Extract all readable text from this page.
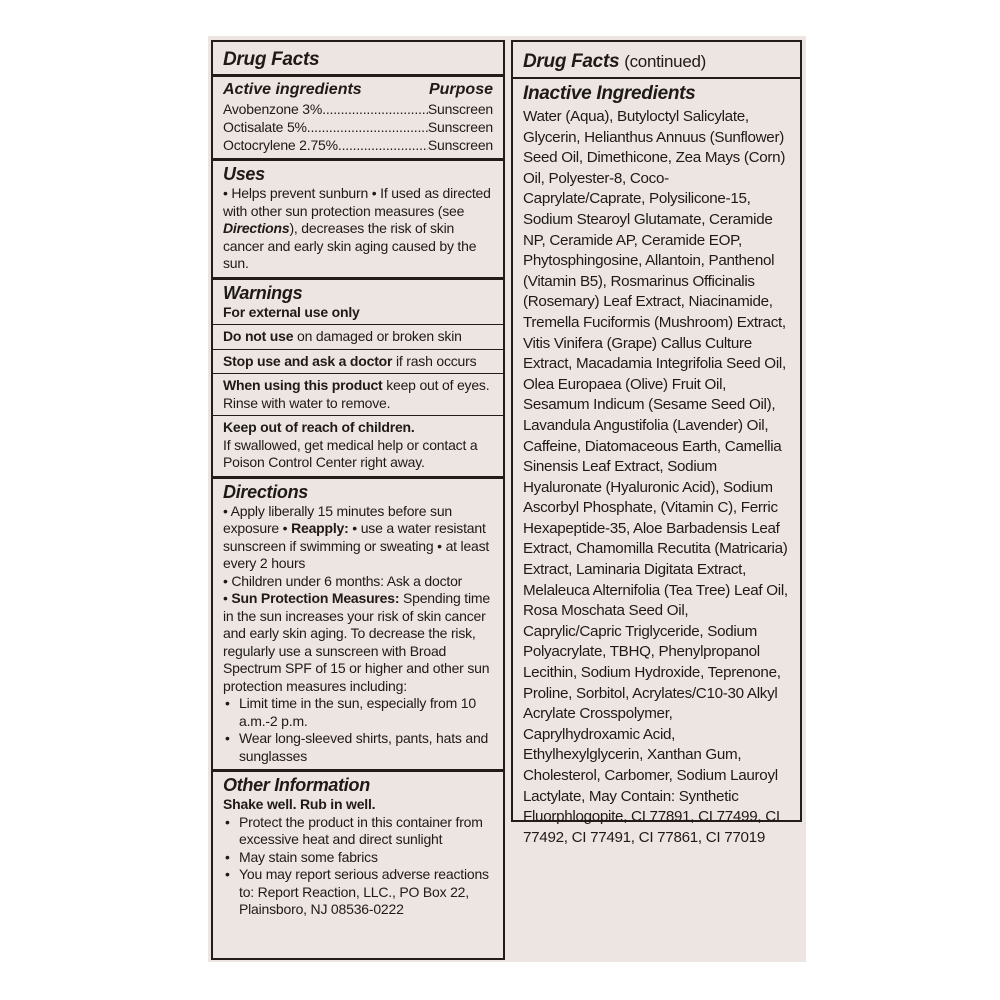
Drug Facts
Active ingredients	Purpose
Avobenzone 3% .....	Sunscreen
Octisalate 5% .....	Sunscreen
Octocrylene 2.75% .....	Sunscreen
Uses
• Helps prevent sunburn • If used as directed with other sun protection measures (see Directions), decreases the risk of skin cancer and early skin aging caused by the sun.
Warnings
For external use only
Do not use on damaged or broken skin
Stop use and ask a doctor if rash occurs
When using this product keep out of eyes. Rinse with water to remove.
Keep out of reach of children.
If swallowed, get medical help or contact a Poison Control Center right away.
Directions
• Apply liberally 15 minutes before sun exposure • Reapply: • use a water resistant sunscreen if swimming or sweating • at least every 2 hours
• Children under 6 months: Ask a doctor
• Sun Protection Measures: Spending time in the sun increases your risk of skin cancer and early skin aging. To decrease the risk, regularly use a sunscreen with Broad Spectrum SPF of 15 or higher and other sun protection measures including:
• Limit time in the sun, especially from 10 a.m.-2 p.m.
• Wear long-sleeved shirts, pants, hats and sunglasses
Other Information
Shake well. Rub in well.
• Protect the product in this container from excessive heat and direct sunlight
• May stain some fabrics
• You may report serious adverse reactions to: Report Reaction, LLC., PO Box 22, Plainsboro, NJ 08536-0222
Drug Facts (continued)
Inactive Ingredients
Water (Aqua), Butyloctyl Salicylate, Glycerin, Helianthus Annuus (Sunflower) Seed Oil, Dimethicone, Zea Mays (Corn) Oil, Polyester-8, Coco-Caprylate/Caprate, Polysilicone-15, Sodium Stearoyl Glutamate, Ceramide NP, Ceramide AP, Ceramide EOP, Phytosphingosine, Allantoin, Panthenol (Vitamin B5), Rosmarinus Officinalis (Rosemary) Leaf Extract, Niacinamide, Tremella Fuciformis (Mushroom) Extract, Vitis Vinifera (Grape) Callus Culture Extract, Macadamia Integrifolia Seed Oil, Olea Europaea (Olive) Fruit Oil, Sesamum Indicum (Sesame Seed Oil), Lavandula Angustifolia (Lavender) Oil, Caffeine, Diatomaceous Earth, Camellia Sinensis Leaf Extract, Sodium Hyaluronate (Hyaluronic Acid), Sodium Ascorbyl Phosphate, (Vitamin C), Ferric Hexapeptide-35, Aloe Barbadensis Leaf Extract, Chamomilla Recutita (Matricaria) Extract, Laminaria Digitata Extract, Melaleuca Alternifolia (Tea Tree) Leaf Oil, Rosa Moschata Seed Oil, Caprylic/Capric Triglyceride, Sodium Polyacrylate, TBHQ, Phenylpropanol Lecithin, Sodium Hydroxide, Teprenone, Proline, Sorbitol, Acrylates/C10-30 Alkyl Acrylate Crosspolymer, Caprylhydroxamic Acid, Ethylhexylglycerin, Xanthan Gum, Cholesterol, Carbomer, Sodium Lauroyl Lactylate, May Contain: Synthetic Fluorphlogopite, CI 77891, CI 77499, CI 77492, CI 77491, CI 77861, CI 77019
